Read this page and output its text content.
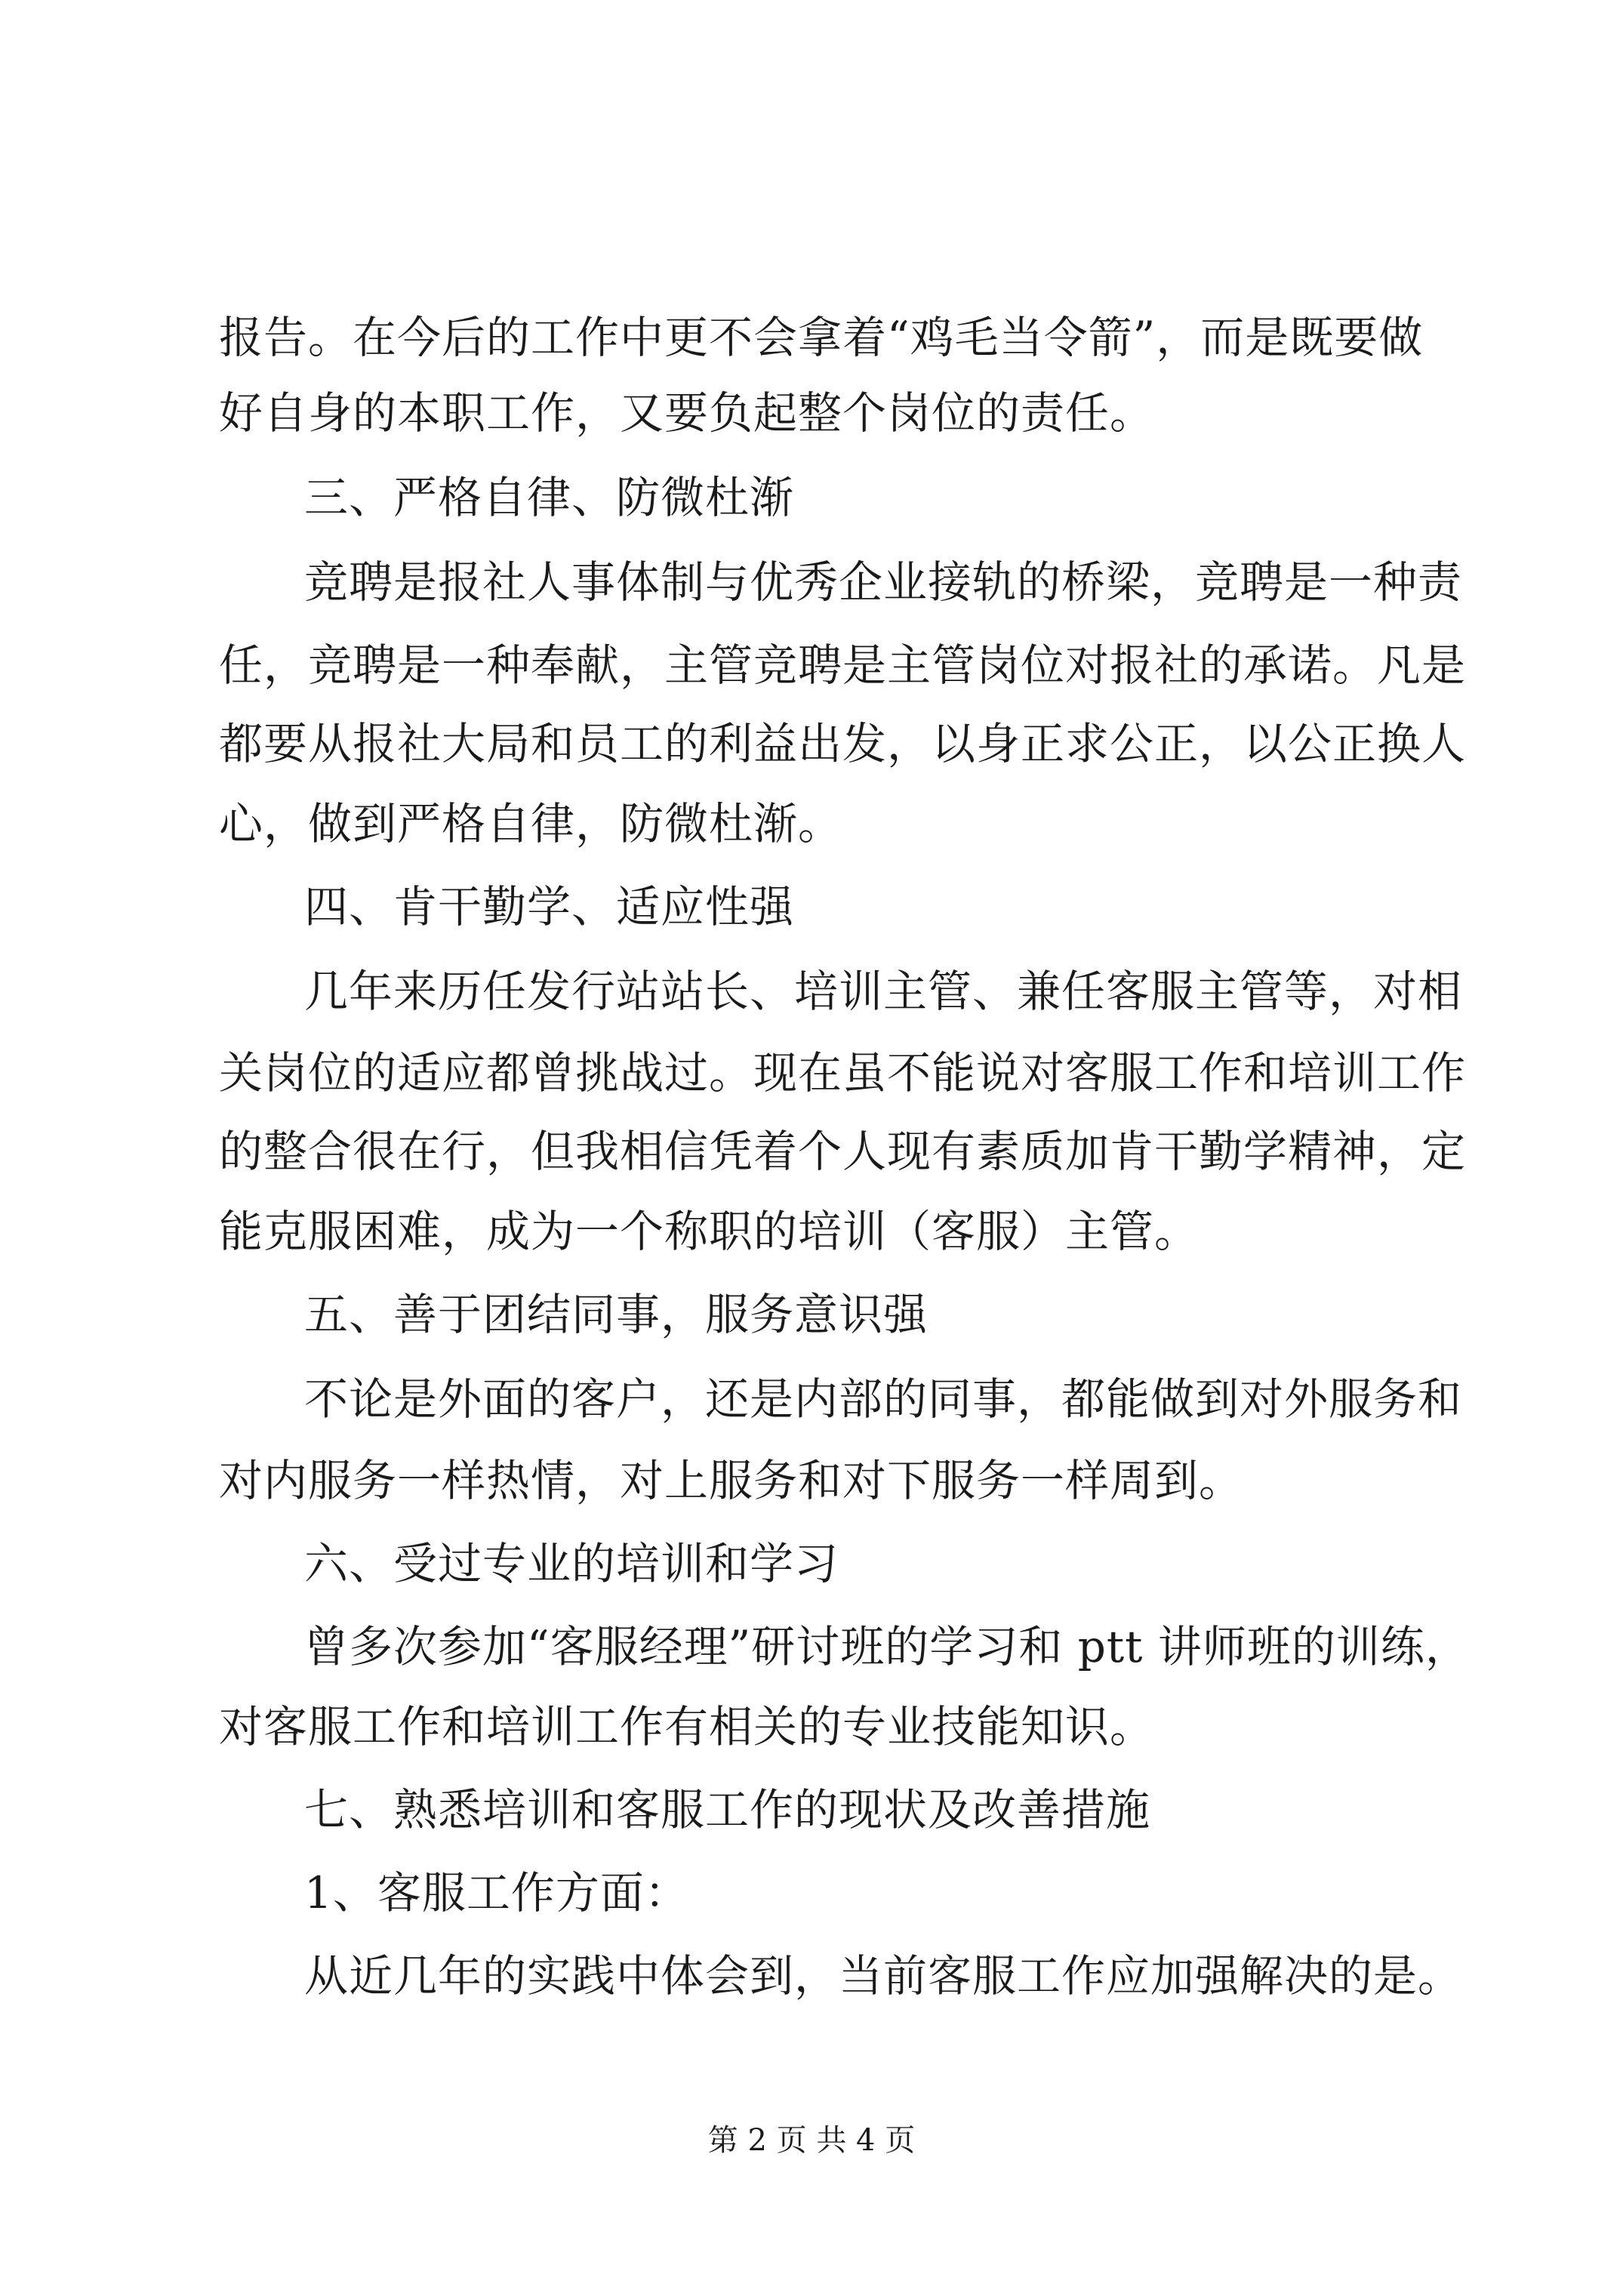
报告。在今后的工作中更不会拿着“鸡毛当令箭”，而是既要做
好自身的本职工作，又要负起整个岗位的责任。
三、严格自律、防微杜渐
竞聘是报社人事体制与优秀企业接轨的桥梁，竞聘是一种责
任，竞聘是一种奉献，主管竞聘是主管岗位对报社的承诺。凡是
都要从报社大局和员工的利益出发，以身正求公正，以公正换人
心，做到严格自律，防微杜渐。
四、肯干勤学、适应性强
几年来历任发行站站长、培训主管、兼任客服主管等，对相
关岗位的适应都曾挑战过。现在虽不能说对客服工作和培训工作
的整合很在行，但我相信凭着个人现有素质加肯干勤学精神，定
能克服困难，成为一个称职的培训（客服）主管。
五、善于团结同事，服务意识强
不论是外面的客户，还是内部的同事，都能做到对外服务和
对内服务一样热情，对上服务和对下服务一样周到。
六、受过专业的培训和学习
曾多次参加“客服经理”研讨班的学习和 ptt 讲师班的训练，
对客服工作和培训工作有相关的专业技能知识。
七、熟悉培训和客服工作的现状及改善措施
1、客服工作方面：
从近几年的实践中体会到，当前客服工作应加强解决的是。
第 2 页 共 4 页
